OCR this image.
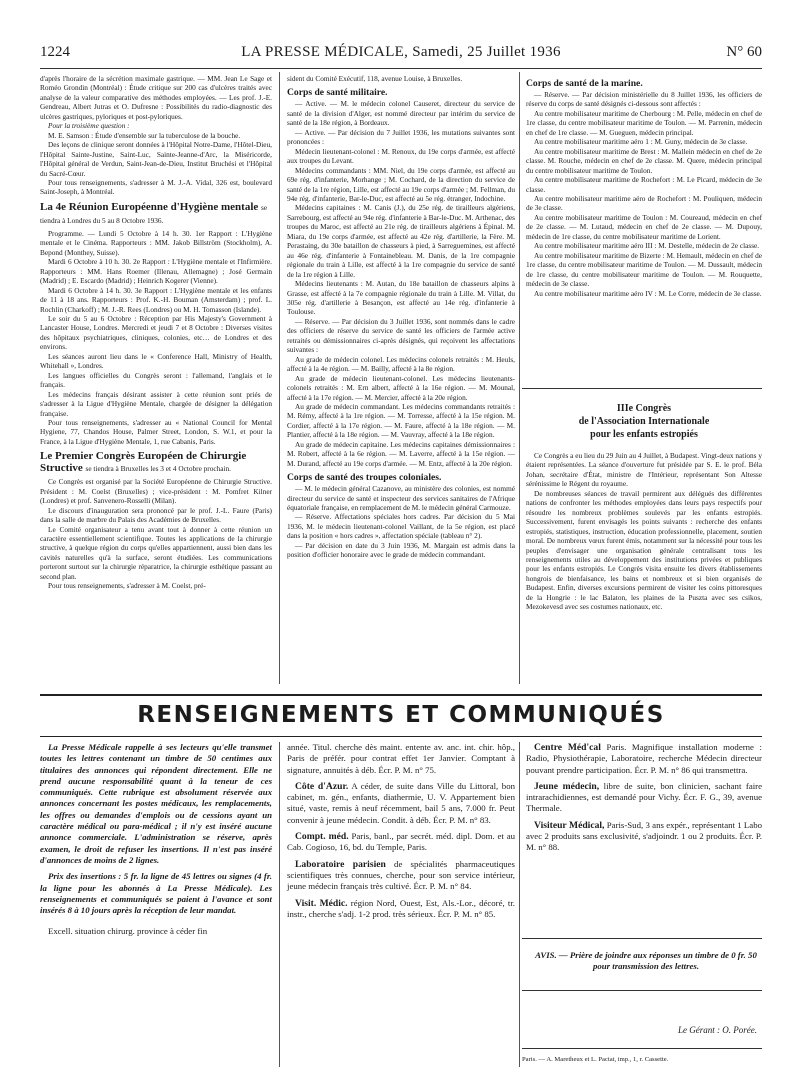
1224	LA PRESSE MÉDICALE, Samedi, 25 Juillet 1936	N° 60

d'après l'horaire de la sécrétion maximale gastrique. — MM. Jean Le Sage et Roméo Grondin (Montréal) : Étude critique sur 200 cas d'ulcères traités avec analyse de la valeur comparative des méthodes employées. — Les prof. J.-E. Gendreau, Albert Jutras et O. Dufresne : Possibilités du radio-diagnostic des ulcères gastriques, pyloriques et post-pyloriques.

Pour la troisième question :

M. E. Samson : Étude d'ensemble sur la tuberculose de la bouche.

Des leçons de clinique seront données à l'Hôpital Notre-Dame, l'Hôtel-Dieu, l'Hôpital Sainte-Justine, Saint-Luc, Sainte-Jeanne-d'Arc, la Miséricorde, l'Hôpital général de Verdun, Saint-Jean-de-Dieu, Institut Bruchési et l'Hôpital du Sacré-Cœur.

Pour tous renseignements, s'adresser à M. J.-A. Vidal, 326 est, boulevard Saint-Joseph, à Montréal.

La 4e Réunion Européenne d'Hygiène mentale se tiendra à Londres du 5 au 8 Octobre 1936.

Programme. — Lundi 5 Octobre à 14 h. 30. 1er Rapport : L'Hygiène mentale et le Cinéma. Rapporteurs : MM. Jakob Billström (Stockholm), A. Bepond (Monthey, Suisse).

Mardi 6 Octobre à 10 h. 30. 2e Rapport : L'Hygiène mentale et l'Infirmière. Rapporteurs : MM. Hans Roemer (Illenau, Allemagne) ; José Germain (Madrid) ; E. Escardo (Madrid) ; Heinrich Kogerer (Vienne).

Mardi 6 Octobre à 14 h. 30. 3e Rapport : L'Hygiène mentale et les enfants de 11 à 18 ans. Rapporteurs : Prof. K.-H. Bouman (Amsterdam) ; prof. L. Rochlin (Charkoff) ; M. J.-R. Rees (Londres) ou M. H. Tomasson (Islande).

Le soir du 5 au 6 Octobre : Réception par His Majesty's Government à Lancaster House, Londres. Mercredi et jeudi 7 et 8 Octobre : Diverses visites des hôpitaux psychiatriques, cliniques, colonies, etc… de Londres et des environs.

Les séances auront lieu dans le « Conference Hall, Ministry of Health, Whitehall », Londres.

Les langues officielles du Congrès seront : l'allemand, l'anglais et le français.

Les médecins français désirant assister à cette réunion sont priés de s'adresser à la Ligue d'Hygiène Mentale, chargée de désigner la délégation française.

Pour tous renseignements, s'adresser au « National Council for Mental Hygiene, 77, Chandos House, Palmer Street, London, S. W.1, et pour la France, à la Ligue d'Hygiène Mentale, 1, rue Cabanis, Paris.

Le Premier Congrès Européen de Chirurgie Structive se tiendra à Bruxelles les 3 et 4 Octobre prochain.

Ce Congrès est organisé par la Société Européenne de Chirurgie Structive. Président : M. Coelst (Bruxelles) ; vice-président : M. Pomfret Kilner (Londres) et prof. Sanvenero-Rosselli (Milan).

Le discours d'inauguration sera prononcé par le prof. J.-L. Faure (Paris) dans la salle de marbre du Palais des Académies de Bruxelles.

Le Comité organisateur a tenu avant tout à donner à cette réunion un caractère essentiellement scientifique. Toutes les applications de la chirurgie structive, à quelque région du corps qu'elles appartiennent, aussi bien dans les cavités naturelles qu'à la surface, seront étudiées. Les communications porteront surtout sur la chirurgie réparatrice, la chirurgie esthétique passant au second plan.

Pour tous renseignements, s'adresser à M. Coelst, pré-

sident du Comité Exécutif, 118, avenue Louise, à Bruxelles.

Corps de santé militaire.

— Active. — M. le médecin colonel Causeret, directeur du service de santé de la division d'Alger, est nommé directeur par intérim du service de santé de la 18e région, à Bordeaux.

— Active. — Par décision du 7 Juillet 1936, les mutations suivantes sont prononcées :

Médecin lieutenant-colonel : M. Renoux, du 19e corps d'armée, est affecté aux troupes du Levant.

Médecins commandants : MM. Niel, du 19e corps d'armée, est affecté au 69e rég. d'infanterie, Morhange ; M. Cochard, de la direction du service de santé de la 1re région, Lille, est affecté au 19e corps d'armée ; M. Fellman, du 94e rég. d'infanterie, Bar-le-Duc, est affecté au 5e rég. étranger, Indochine.

Médecins capitaines : M. Canis (J.), du 25e rég. de tirailleurs algériens, Sarrebourg, est affecté au 94e rég. d'infanterie à Bar-le-Duc. M. Arthenac, des troupes du Maroc, est affecté au 21e rég. de tirailleurs algériens à Épinal. M. Miara, du 19e corps d'armée, est affecté au 42e rég. d'artillerie, la Fère. M. Perastaing, du 30e bataillon de chasseurs à pied, à Sarreguemines, est affecté au 46e rég. d'infanterie à Fontainebleau. M. Danis, de la 1re compagnie régionale du train à Lille, est affecté à la 1re compagnie du service de santé de la 1re région à Lille.

Médecins lieutenants : M. Autan, du 18e bataillon de chasseurs alpins à Grasse, est affecté à la 7e compagnie régionale du train à Lille. M. Villat, du 305e rég. d'artillerie à Besançon, est affecté au 14e rég. d'infanterie à Toulouse.

— Réserve. — Par décision du 3 Juillet 1936, sont nommés dans le cadre des officiers de réserve du service de santé les officiers de l'armée active retraités ou démissionnaires ci-après désignés, qui reçoivent les affectations suivantes :

Au grade de médecin colonel. Les médecins colonels retraités : M. Heuls, affecté à la 4e région. — M. Bailly, affecté à la 8e région.

Au grade de médecin lieutenant-colonel. Les médecins lieutenants-colonels retraités : M. Ern albert, affecté à la 16e région. — M. Mounal, affecté à la 17e région. — M. Mercier, affecté à la 20e région.

Au grade de médecin commandant. Les médecins commandants retraités : M. Rémy, affecté à la 1re région. — M. Torresse, affecté à la 15e région. M. Cordier, affecté à la 17e région. — M. Faure, affecté à la 18e région. — M. Plantier, affecté à la 18e région. — M. Vauvray, affecté à la 18e région.

Au grade de médecin capitaine. Les médecins capitaines démissionnaires : M. Robert, affecté à la 6e région. — M. Laverre, affecté à la 15e région. — M. Durand, affecté au 19e corps d'armée. — M. Entz, affecté à la 20e région.

Corps de santé des troupes coloniales.

— M. le médecin général Cazanove, au ministère des colonies, est nommé directeur du service de santé et inspecteur des services sanitaires de l'Afrique équatoriale française, en remplacement de M. le médecin général Carmouze.

— Réserve. Affectations spéciales hors cadres. Par décision du 5 Mai 1936, M. le médecin lieutenant-colonel Vaillant, de la 5e région, est placé dans la position « hors cadres », affectation spéciale (tableau n° 2).

— Par décision en date du 3 Juin 1936, M. Margain est admis dans la position d'officier honoraire avec le grade de médecin commandant.

Corps de santé de la marine.

— Réserve. — Par décision ministérielle du 8 Juillet 1936, les officiers de réserve du corps de santé désignés ci-dessous sont affectés :

Au centre mobilisateur maritime de Cherbourg : M. Pelle, médecin en chef de 1re classe, du centre mobilisateur maritime de Toulon. — M. Parrenin, médecin en chef de 1re classe. — M. Gueguen, médecin principal.

Au centre mobilisateur maritime aéro 1 : M. Guny, médecin de 3e classe.

Au centre mobilisateur maritime de Brest : M. Mallein médecin en chef de 2e classe. M. Rouche, médecin en chef de 2e classe. M. Quere, médecin principal du centre mobilisateur maritime de Toulon.

Au centre mobilisateur maritime de Rochefort : M. Le Picard, médecin de 3e classe.

Au centre mobilisateur maritime aéro de Rochefort : M. Pouliquen, médecin de 3e classe.

Au centre mobilisateur maritime de Toulon : M. Coureaud, médecin en chef de 2e classe. — M. Lutaud, médecin en chef de 2e classe. — M. Dupouy, médecin de 1re classe, du centre mobilisateur maritime de Lorient.

Au centre mobilisateur maritime aéro III : M. Destelle, médecin de 2e classe.

Au centre mobilisateur maritime de Bizerte : M. Hemault, médecin en chef de 1re classe, du centre mobilisateur maritime de Toulon. — M. Dussault, médecin de 1re classe, du centre mobilisateur maritime de Toulon. — M. Rouquette, médecin de 3e classe.

Au centre mobilisateur maritime aéro IV : M. Le Corre, médecin de 3e classe.

IIIe Congrès

de l'Association Internationale

pour les enfants estropiés

Ce Congrès a eu lieu du 29 Juin au 4 Juillet, à Budapest. Vingt-deux nations y étaient représentées. La séance d'ouverture fut présidée par S. E. le prof. Béla Johan, secrétaire d'État, ministre de l'Intérieur, représentant Son Altesse sérénissime le Régent du royaume.

De nombreuses séances de travail permirent aux délégués des différentes nations de confronter les méthodes employées dans leurs pays respectifs pour résoudre les nombreux problèmes soulevés par les enfants estropiés. Successivement, furent envisagés les points suivants : recherche des enfants estropiés, statistiques, instruction, éducation professionnelle, placement, soutien moral. De nombreux vœux furent émis, notamment sur la nécessité pour tous les peuples d'envisager une organisation générale centralisant tous les renseignements utiles au développement des institutions privées et publiques pour les enfants estropiés. Le Congrès visita ensuite les divers établissements hongrois de bienfaisance, les bains et nombreux et si bien organisés de Budapest. Enfin, diverses excursions permirent de visiter les coins pittoresques de la Hongrie : le lac Balaton, les plaines de la Puszta avec ses csikos, Mezokevesd avec ses costumes nationaux, etc.

RENSEIGNEMENTS ET COMMUNIQUÉS

La Presse Médicale rappelle à ses lecteurs qu'elle transmet toutes les lettres contenant un timbre de 50 centimes aux titulaires des annonces qui répondent directement. Elle ne prend aucune responsabilité quant à la teneur de ces communiqués. Cette rubrique est absolument réservée aux annonces concernant les postes médicaux, les remplacements, les offres ou demandes d'emplois ou de cessions ayant un caractère médical ou para-médical ; il n'y est inséré aucune annonce commerciale. L'administration se réserve, après examen, le droit de refuser les insertions. Il n'est pas inséré d'annonces de moins de 2 lignes.

Prix des insertions : 5 fr. la ligne de 45 lettres ou signes (4 fr. la ligne pour les abonnés à La Presse Médicale). Les renseignements et communiqués se paient à l'avance et sont insérés 8 à 10 jours après la réception de leur mandat.

Excell. situation chirurg. province à céder fin

année. Titul. cherche dès maint. entente av. anc. int. chir. hôp., Paris de préfér. pour contrat effet 1er Janvier. Comptant à signature, annuités à déb. Écr. P. M. n° 75.

Côte d'Azur. A céder, de suite dans Ville du Littoral, bon cabinet, m. gén., enfants, diathermie, U. V. Appartement bien situé, vaste, remis à neuf récemment, bail 5 ans, 7.000 fr. Peut convenir à jeune médecin. Condit. à déb. Écr. P. M. n° 83.

Compt. méd. Paris, banl., par secrét. méd. dipl. Dom. et au Cab. Cogioso, 16, bd. du Temple, Paris.

Laboratoire parisien de spécialités pharmaceutiques scientifiques très connues, cherche, pour son service intérieur, jeune médecin français très cultivé. Écr. P. M. n° 84.

Visit. Médic. région Nord, Ouest, Est, Als.-Lor., décoré, tr. instr., cherche s'adj. 1-2 prod. très sérieux. Écr. P. M. n° 85.

Centre Méd'cal Paris. Magnifique installation moderne : Radio, Physiothérapie, Laboratoire, recherche Médecin directeur pouvant prendre participation. Écr. P. M. n° 86 qui transmettra.

Jeune médecin, libre de suite, bon clinicien, sachant faire intrarachidiennes, est demandé pour Vichy. Écr. F. G., 39, avenue Thermale.

Visiteur Médical, Paris-Sud, 3 ans expér., représentant 1 Labo avec 2 produits sans exclusivité, s'adjoindr. 1 ou 2 produits. Écr. P. M. n° 88.

AVIS. — Prière de joindre aux réponses un timbre de 0 fr. 50 pour transmission des lettres.
Le Gérant : O. Porée.
Paris. — A. Maretheux et L. Pactat, imp., 1, r. Cassette.
